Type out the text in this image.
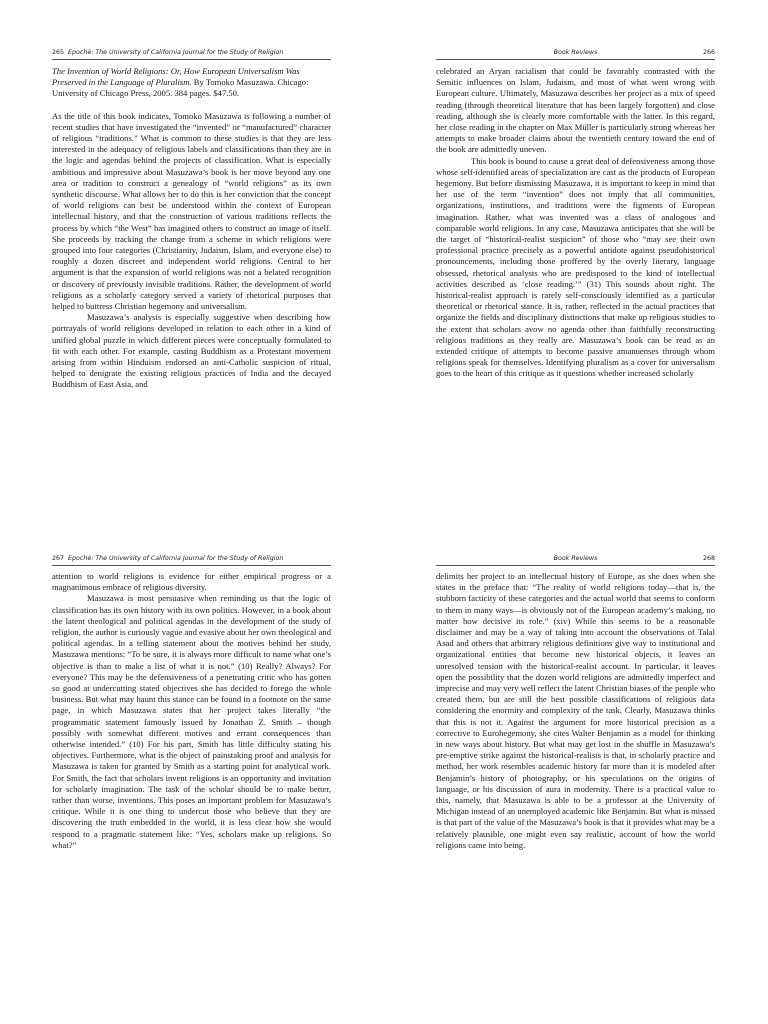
265 Epoché: The University of California Journal for the Study of Religion

The Invention of World Religions: Or, How European Universalism Was Preserved in the Language of Pluralism. By Tomoko Masuzawa. Chicago: University of Chicago Press, 2005. 384 pages. $47.50.

As the title of this book indicates, Tomoko Masuzawa is following a number of recent studies that have investigated the “invented” or “manufactured” character of religious “traditions.” What is common to these studies is that they are less interested in the adequacy of religious labels and classifications than they are in the logic and agendas behind the projects of classification. What is especially ambitious and impressive about Masuzawa’s book is her move beyond any one area or tradition to construct a genealogy of “world religions” as its own synthetic discourse. What allows her to do this is her conviction that the concept of world religions can best be understood within the context of European intellectual history, and that the construction of various traditions reflects the process by which “the West” has imagined others to construct an image of itself. She proceeds by tracking the change from a scheme in which religions were grouped into four categories (Christianity, Judaism, Islam, and everyone else) to roughly a dozen discreet and independent world religions. Central to her argument is that the expansion of world religions was not a belated recognition or discovery of previously invisible traditions. Rather, the development of world religions as a scholarly category served a variety of rhetorical purposes that helped to buttress Christian hegemony and universalism.

Masuzawa’s analysis is especially suggestive when describing how portrayals of world religions developed in relation to each other in a kind of unified global puzzle in which different pieces were conceptually formulated to fit with each other. For example, casting Buddhism as a Protestant movement arising from within Hinduism endorsed an anti-Catholic suspicion of ritual, helped to denigrate the existing religious practices of India and the decayed Buddhism of East Asia, and

Book Reviews	266

celebrated an Aryan racialism that could be favorably contrasted with the Semitic influences on Islam, Judaism, and most of what went wrong with European culture. Ultimately, Masuzawa describes her project as a mix of speed reading (through theoretical literature that has been largely forgotten) and close reading, although she is clearly more comfortable with the latter. In this regard, her close reading in the chapter on Max Müller is particularly strong whereas her attempts to make broader claims about the twentieth century toward the end of the book are admittedly uneven.

This book is bound to cause a great deal of defensiveness among those whose self-identified areas of specialization are cast as the products of European hegemony. But before dismissing Masuzawa, it is important to keep in mind that her use of the term “invention” does not imply that all communities, organizations, institutions, and traditions were the figments of European imagination. Rather, what was invented was a class of analogous and comparable world religions. In any case, Masuzawa anticipates that she will be the target of “historical-realist suspicion” of those who “may see their own professional practice precisely as a powerful antidote against pseudohistorical pronouncements, including those proffered by the overly literary, language obsessed, rhetorical analysts who are predisposed to the kind of intellectual activities described as ‘close reading.’” (31) This sounds about right. The historical-realist approach is rarely self-consciously identified as a particular theoretical or rhetorical stance. It is, rather, reflected in the actual practices that organize the fields and disciplinary distinctions that make up religious studies to the extent that scholars avow no agenda other than faithfully reconstructing religious traditions as they really are. Masuzawa’s book can be read as an extended critique of attempts to become passive amanuenses through whom religions speak for themselves. Identifying pluralism as a cover for universalism goes to the heart of this critique as it questions whether increased scholarly

267 Epoché: The University of California Journal for the Study of Religion

attention to world religions is evidence for either empirical progress or a magnanimous embrace of religious diversity.

Masuzawa is most persuasive when reminding us that the logic of classification has its own history with its own politics. However, in a book about the latent theological and political agendas in the development of the study of religion, the author is curiously vague and evasive about her own theological and political agendas. In a telling statement about the motives behind her study, Masuzawa mentions: “To be sure, it is always more difficult to name what one’s objective is than to make a list of what it is not.” (10) Really? Always? For everyone? This may be the defensiveness of a penetrating critic who has gotten so good at undercutting stated objectives she has decided to forego the whole business. But what may haunt this stance can be found in a footnote on the same page, in which Masuzawa states that her project takes literally “the programmatic statement famously issued by Jonathan Z. Smith – though possibly with somewhat different motives and errant consequences than otherwise intended.” (10) For his part, Smith has little difficulty stating his objectives. Furthermore, what is the object of painstaking proof and analysis for Masuzawa is taken for granted by Smith as a starting point for analytical work. For Smith, the fact that scholars invent religions is an opportunity and invitation for scholarly imagination. The task of the scholar should be to make better, rather than worse, inventions. This poses an important problem for Masuzawa’s critique. While it is one thing to undercut those who believe that they are discovering the truth embedded in the world, it is less clear how she would respond to a pragmatic statement like: “Yes, scholars make up religions. So what?”

Book Reviews	268

delimits her project to an intellectual history of Europe, as she does when she states in the preface that: “The reality of world religions today—that is, the stubborn facticity of these categories and the actual world that seems to conform to them in many ways—is obviously not of the European academy’s making, no matter how decisive its role.” (xiv) While this seems to be a reasonable disclaimer and may be a way of taking into account the observations of Talal Asad and others that arbitrary religious definitions give way to institutional and organizational entities that become new historical objects, it leaves an unresolved tension with the historical-realist account. In particular, it leaves open the possibility that the dozen world religions are admittedly imperfect and imprecise and may very well reflect the latent Christian biases of the people who created them, but are still the best possible classifications of religious data considering the enormity and complexity of the task. Clearly, Masuzawa thinks that this is not it. Against the argument for more historical precision as a corrective to Eurohegemony, she cites Walter Benjamin as a model for thinking in new ways about history. But what may get lost in the shuffle in Masuzawa’s pre-emptive strike against the historical-realists is that, in scholarly practice and method, her work resembles academic history far more than it is modeled after Benjamin’s history of photography, or his speculations on the origins of language, or his discussion of aura in modernity. There is a practical value to this, namely, that Masuzawa is able to be a professor at the University of Michigan instead of an unemployed academic like Benjamin. But what is missed is that part of the value of the Masuzawa’s book is that it provides what may be a relatively plausible, one might even say realistic, account of how the world religions came into being.
